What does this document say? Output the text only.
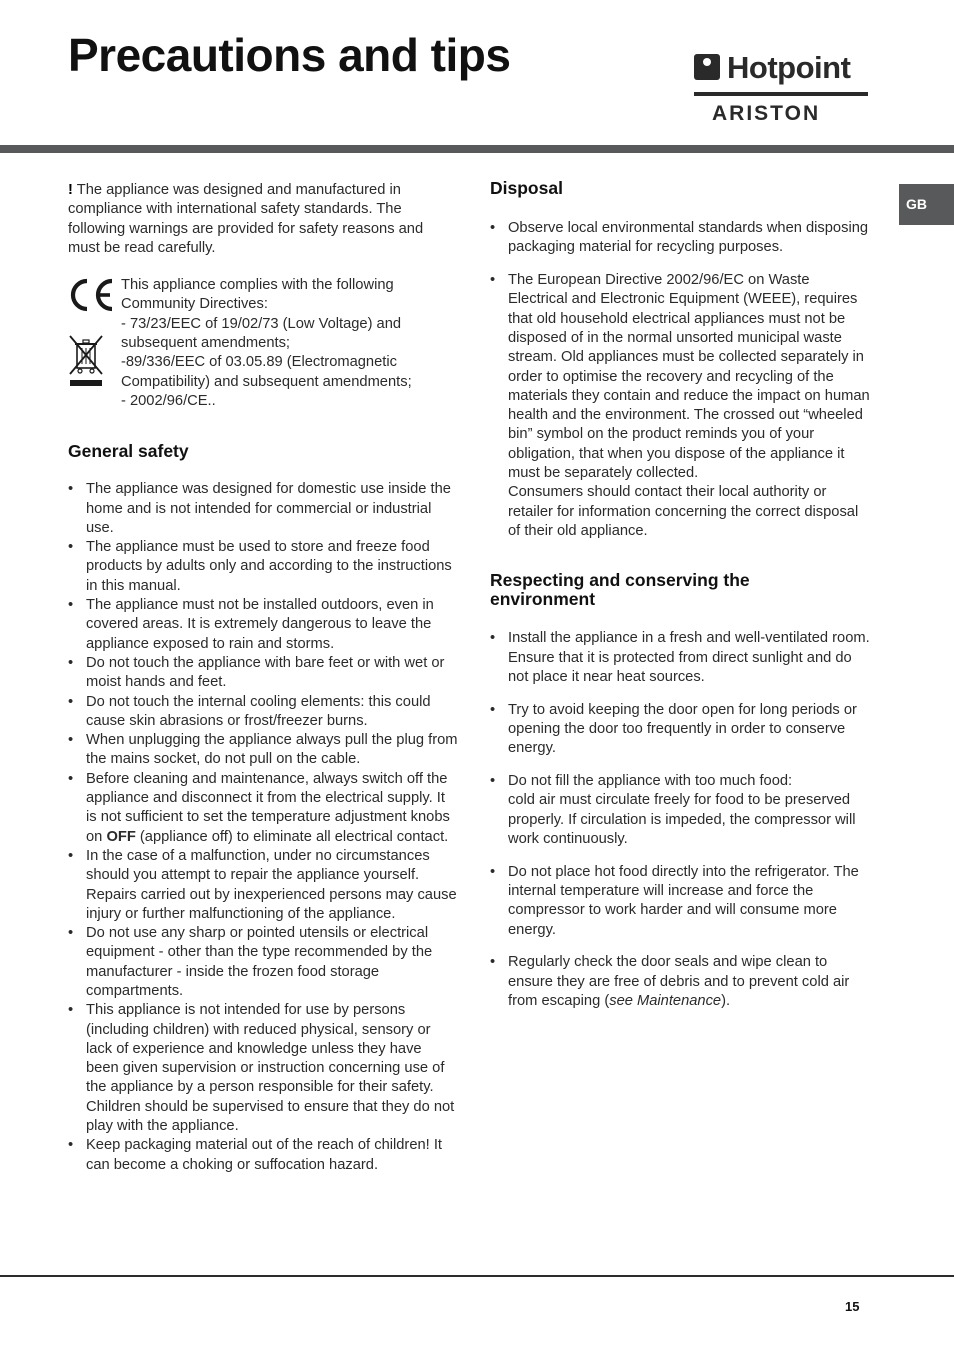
Precautions and tips	Hotpoint
ARISTON
GB

! The appliance was designed and manufactured in compliance with international safety standards. The following warnings are provided for safety reasons and must be read carefully.

This appliance complies with the following Community Directives:

- 73/23/EEC of 19/02/73 (Low Voltage) and subsequent amendments;

-89/336/EEC of 03.05.89 (Electromagnetic Compatibility) and subsequent amendments;

- 2002/96/CE..

General safety
• The appliance was designed for domestic use inside the home and is not intended for commercial or industrial use.
• The appliance must be used to store and freeze food products by adults only and according to the instructions in this manual.
• The appliance must not be installed outdoors, even in covered areas. It is extremely dangerous to leave the appliance exposed to rain and storms.
• Do not touch the appliance with bare feet or with wet or moist hands and feet.
• Do not touch the internal cooling elements: this could cause skin abrasions or frost/freezer burns.
• When unplugging the appliance always pull the plug from the mains socket, do not pull on the cable.
• Before cleaning and maintenance, always switch off the appliance and disconnect it from the electrical supply. It is not sufficient to set the temperature adjustment knobs on OFF (appliance off) to eliminate all electrical contact.
• In the case of a malfunction, under no circumstances should you attempt to repair the appliance yourself. Repairs carried out by inexperienced persons may cause injury or further malfunctioning of the appliance.
• Do not use any sharp or pointed utensils or electrical equipment - other than the type recommended by the manufacturer - inside the frozen food storage compartments.
• This appliance is not intended for use by persons (including children) with reduced physical, sensory or lack of experience and knowledge unless they have been given supervision or instruction concerning use of the appliance by a person responsible for their safety. Children should be supervised to ensure that they do not play with the appliance.
• Keep packaging material out of the reach of children! It can become a choking or suffocation hazard.
Disposal
• Observe local environmental standards when disposing packaging material for recycling purposes.
• The European Directive 2002/96/EC on Waste Electrical and Electronic Equipment (WEEE), requires that old household electrical appliances must not be disposed of in the normal unsorted municipal waste stream. Old appliances must be collected separately in order to optimise the recovery and recycling of the materials they contain and reduce the impact on human health and the environment. The crossed out “wheeled bin” symbol on the product reminds you of your obligation, that when you dispose of the appliance it must be separately collected.
Consumers should contact their local authority or retailer for information concerning the correct disposal of their old appliance.
Respecting and conserving the environment
• Install the appliance in a fresh and well-ventilated room. Ensure that it is protected from direct sunlight and do not place it near heat sources.
• Try to avoid keeping the door open for long periods or opening the door too frequently in order to conserve energy.
• Do not fill the appliance with too much food:
cold air must circulate freely for food to be preserved properly. If circulation is impeded, the compressor will work continuously.
• Do not place hot food directly into the refrigerator. The internal temperature will increase and force the compressor to work harder and will consume more energy.
• Regularly check the door seals and wipe clean to ensure they are free of debris and to prevent cold air from escaping (see Maintenance).
15
